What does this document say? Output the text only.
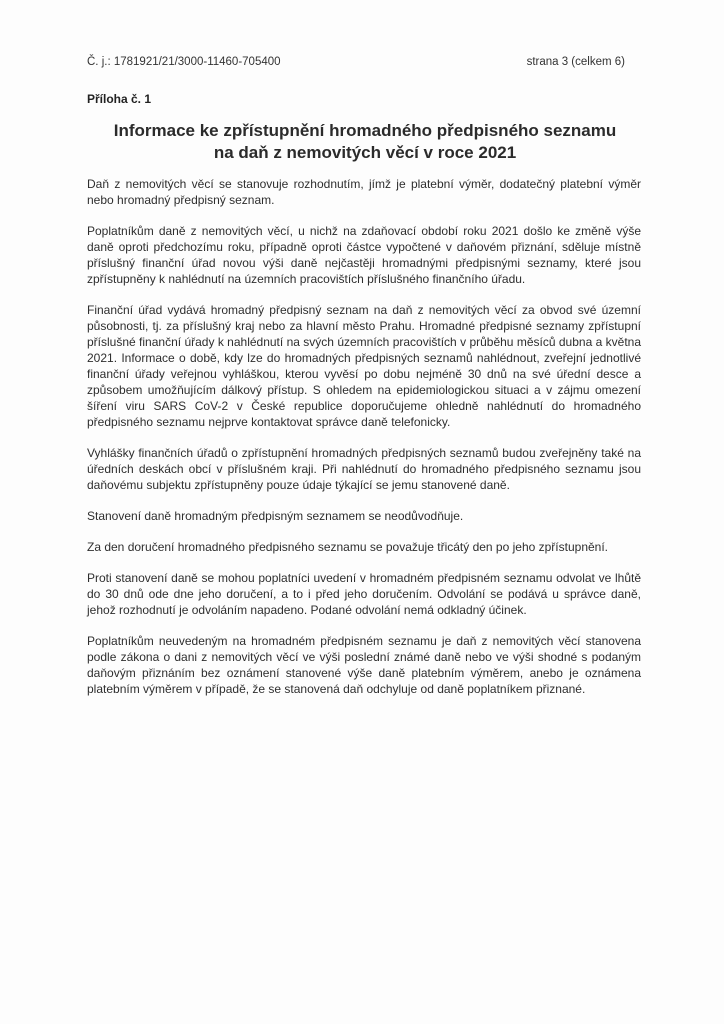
Č. j.: 1781921/21/3000-11460-705400	strana 3 (celkem 6)
Příloha č. 1
Informace ke zpřístupnění hromadného předpisného seznamu
na daň z nemovitých věcí v roce 2021

Daň z nemovitých věcí se stanovuje rozhodnutím, jímž je platební výměr, dodatečný platební výměr nebo hromadný předpisný seznam.

Poplatníkům daně z nemovitých věcí, u nichž na zdaňovací období roku 2021 došlo ke změně výše daně oproti předchozímu roku, případně oproti částce vypočtené v daňovém přiznání, sděluje místně příslušný finanční úřad novou výši daně nejčastěji hromadnými předpisnými seznamy, které jsou zpřístupněny k nahlédnutí na územních pracovištích příslušného finančního úřadu.

Finanční úřad vydává hromadný předpisný seznam na daň z nemovitých věcí za obvod své územní působnosti, tj. za příslušný kraj nebo za hlavní město Prahu. Hromadné předpisné seznamy zpřístupní příslušné finanční úřady k nahlédnutí na svých územních pracovištích v průběhu měsíců dubna a května 2021. Informace o době, kdy lze do hromadných předpisných seznamů nahlédnout, zveřejní jednotlivé finanční úřady veřejnou vyhláškou, kterou vyvěsí po dobu nejméně 30 dnů na své úřední desce a způsobem umožňujícím dálkový přístup. S ohledem na epidemiologickou situaci a v zájmu omezení šíření viru SARS CoV-2 v České republice doporučujeme ohledně nahlédnutí do hromadného předpisného seznamu nejprve kontaktovat správce daně telefonicky.

Vyhlášky finančních úřadů o zpřístupnění hromadných předpisných seznamů budou zveřejněny také na úředních deskách obcí v příslušném kraji. Při nahlédnutí do hromadného předpisného seznamu jsou daňovému subjektu zpřístupněny pouze údaje týkající se jemu stanovené daně.

Stanovení daně hromadným předpisným seznamem se neodůvodňuje.

Za den doručení hromadného předpisného seznamu se považuje třicátý den po jeho zpřístupnění.

Proti stanovení daně se mohou poplatníci uvedení v hromadném předpisném seznamu odvolat ve lhůtě do 30 dnů ode dne jeho doručení, a to i před jeho doručením. Odvolání se podává u správce daně, jehož rozhodnutí je odvoláním napadeno. Podané odvolání nemá odkladný účinek.

Poplatníkům neuvedeným na hromadném předpisném seznamu je daň z nemovitých věcí stanovena podle zákona o dani z nemovitých věcí ve výši poslední známé daně nebo ve výši shodné s podaným daňovým přiznáním bez oznámení stanovené výše daně platebním výměrem, anebo je oznámena platebním výměrem v případě, že se stanovená daň odchyluje od daně poplatníkem přiznané.
